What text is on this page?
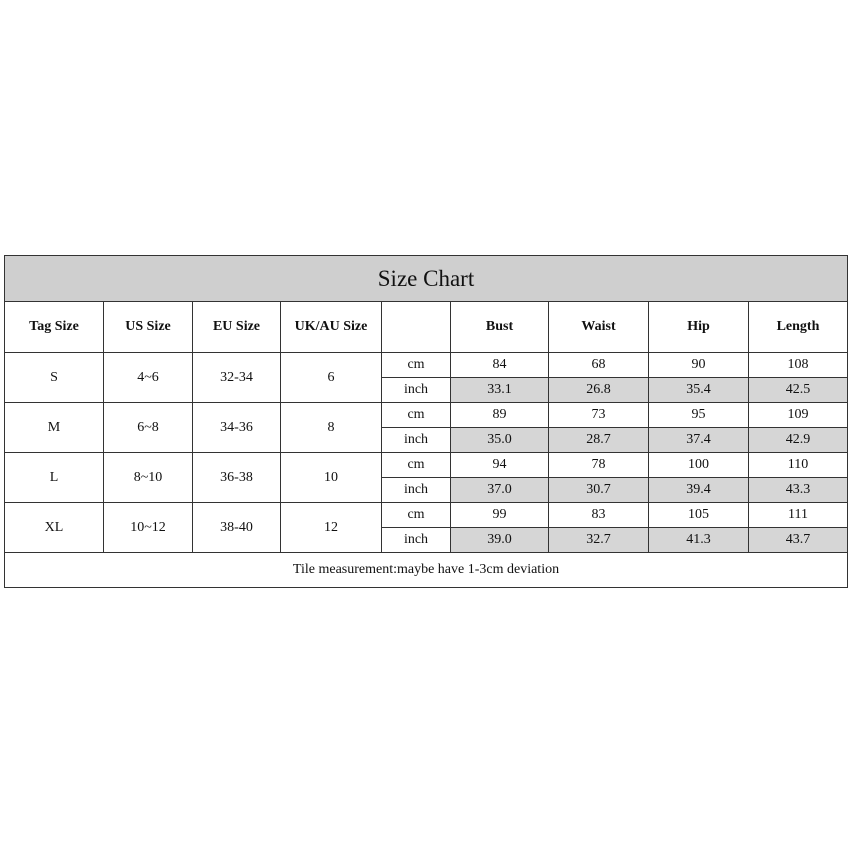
Size Chart								
Tag Size	US Size	EU Size	UK/AU Size		Bust	Waist	Hip	Length
S	4~6	32-34	6	cm	84	68	90	108
				inch	33.1	26.8	35.4	42.5
M	6~8	34-36	8	cm	89	73	95	109
				inch	35.0	28.7	37.4	42.9
L	8~10	36-38	10	cm	94	78	100	110
				inch	37.0	30.7	39.4	43.3
XL	10~12	38-40	12	cm	99	83	105	111
				inch	39.0	32.7	41.3	43.7
Tile measurement:maybe have 1-3cm deviation								
